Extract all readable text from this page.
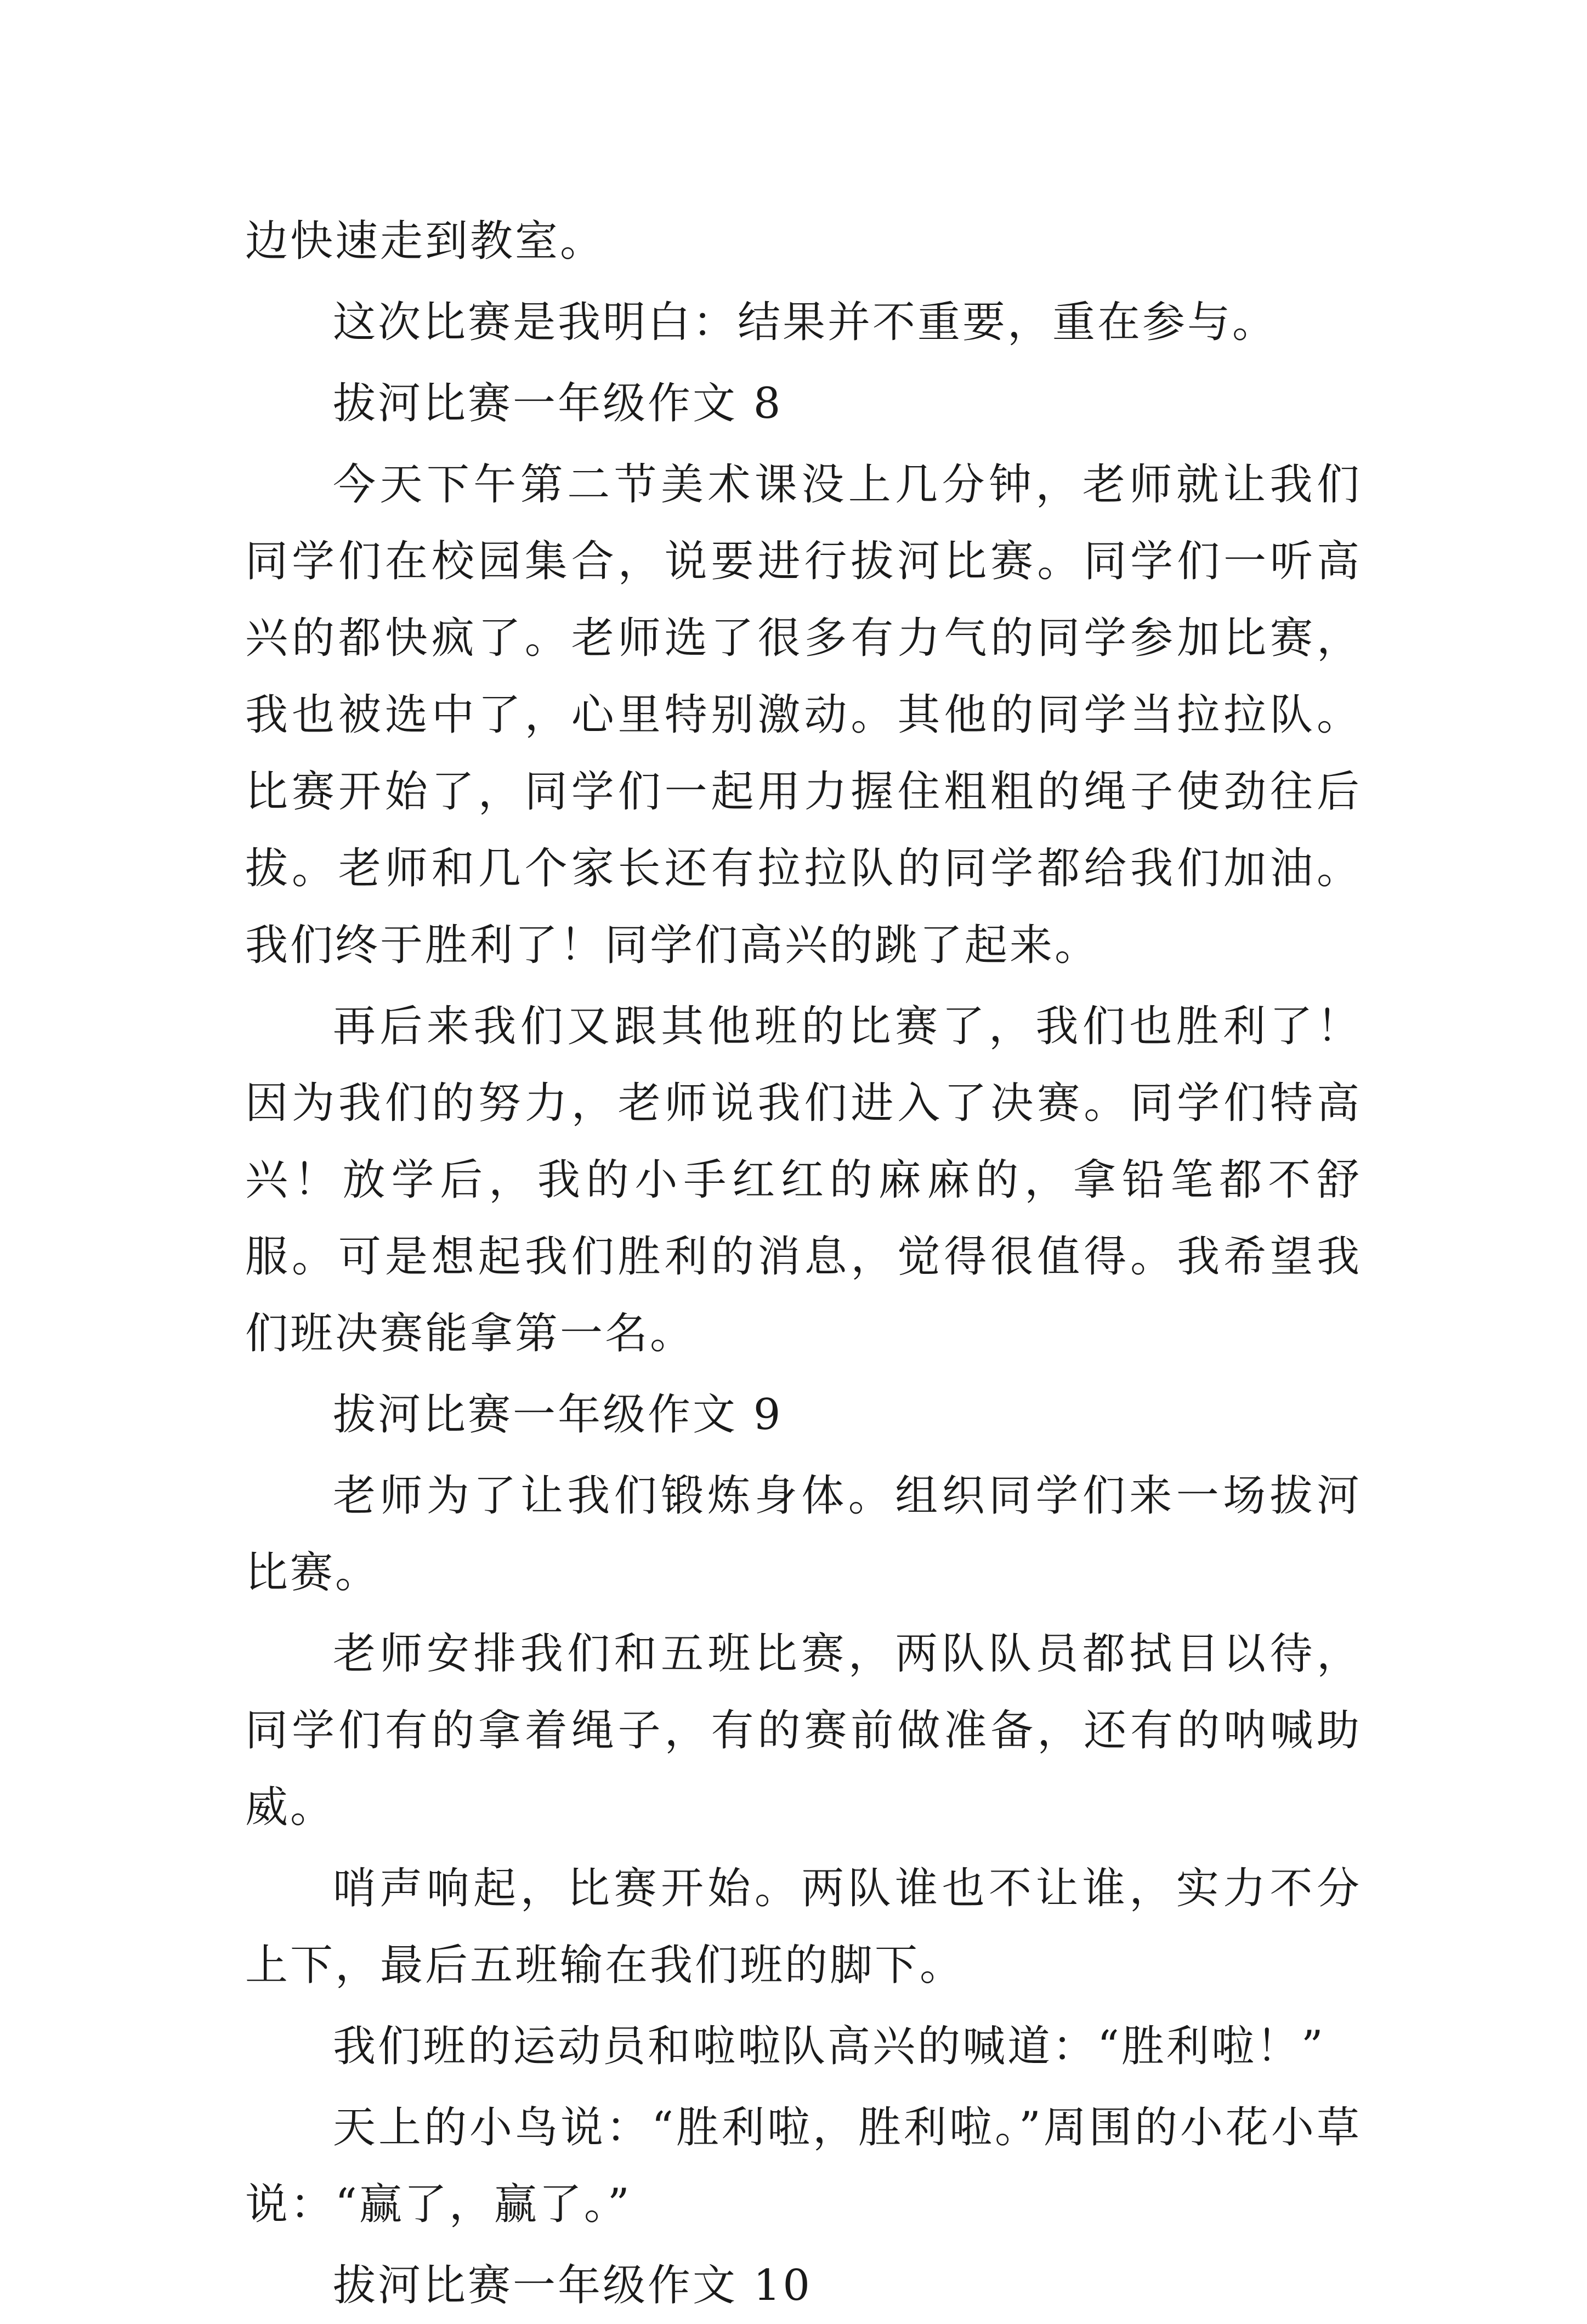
边快速走到教室。

这次比赛是我明白：结果并不重要，重在参与。

拔河比赛一年级作文 8

今天下午第二节美术课没上几分钟，老师就让我们同学们在校园集合，说要进行拔河比赛。同学们一听高兴的都快疯了。老师选了很多有力气的同学参加比赛，我也被选中了，心里特别激动。其他的同学当拉拉队。比赛开始了，同学们一起用力握住粗粗的绳子使劲往后拔。老师和几个家长还有拉拉队的同学都给我们加油。我们终于胜利了！同学们高兴的跳了起来。

再后来我们又跟其他班的比赛了，我们也胜利了！因为我们的努力，老师说我们进入了决赛。同学们特高兴！放学后，我的小手红红的麻麻的，拿铅笔都不舒服。可是想起我们胜利的消息，觉得很值得。我希望我们班决赛能拿第一名。

拔河比赛一年级作文 9

老师为了让我们锻炼身体。组织同学们来一场拔河比赛。

老师安排我们和五班比赛，两队队员都拭目以待，同学们有的拿着绳子，有的赛前做准备，还有的呐喊助威。

哨声响起，比赛开始。两队谁也不让谁，实力不分上下，最后五班输在我们班的脚下。

我们班的运动员和啦啦队高兴的喊道：“胜利啦！”

天上的小鸟说：“胜利啦，胜利啦。”周围的小花小草说：“赢了，赢了。”

拔河比赛一年级作文 10
